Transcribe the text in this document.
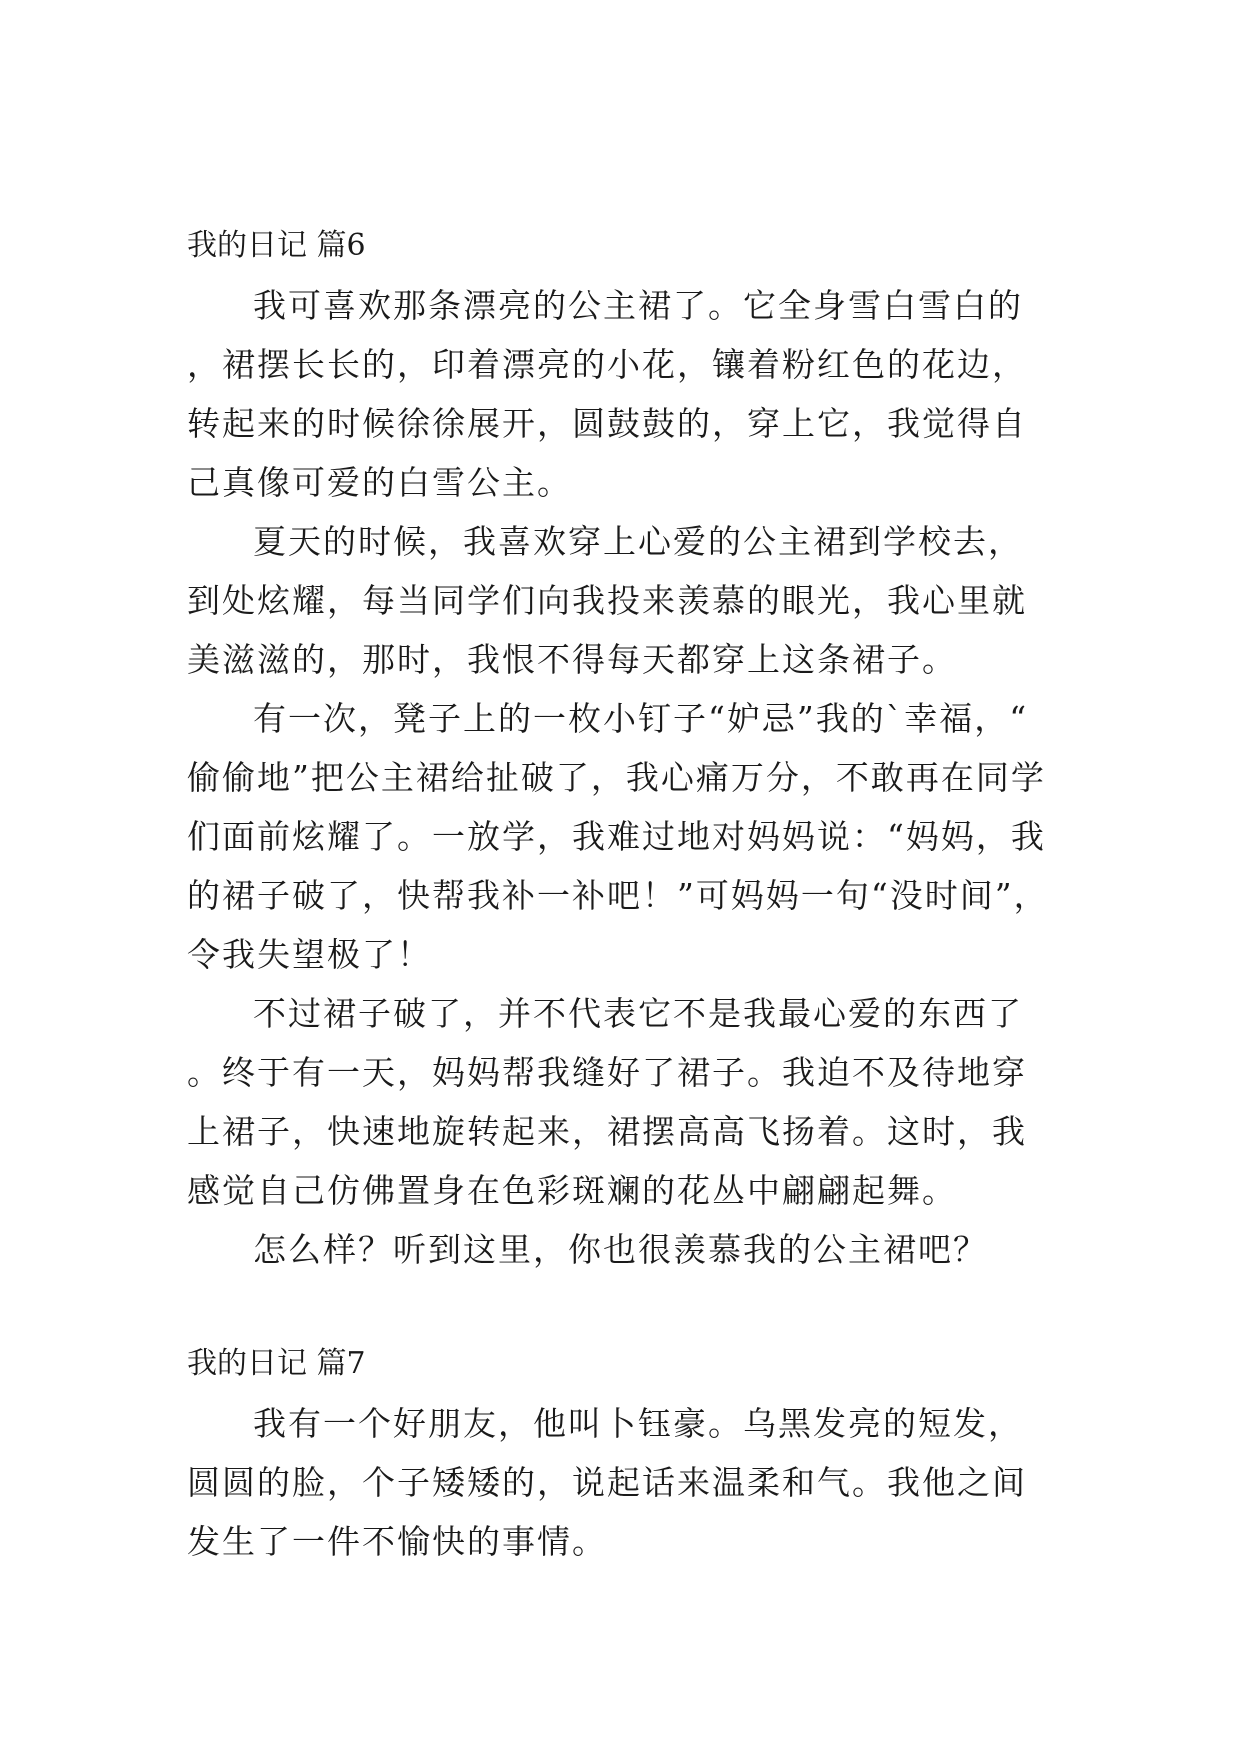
我的日记 篇6

我可喜欢那条漂亮的公主裙了。它全身雪白雪白的，裙摆长长的，印着漂亮的小花，镶着粉红色的花边，转起来的时候徐徐展开，圆鼓鼓的，穿上它，我觉得自己真像可爱的白雪公主。

夏天的时候，我喜欢穿上心爱的公主裙到学校去，到处炫耀，每当同学们向我投来羡慕的眼光，我心里就美滋滋的，那时，我恨不得每天都穿上这条裙子。

有一次，凳子上的一枚小钉子“妒忌”我的`幸福，“偷偷地”把公主裙给扯破了，我心痛万分，不敢再在同学们面前炫耀了。一放学，我难过地对妈妈说：“妈妈，我的裙子破了，快帮我补一补吧！”可妈妈一句“没时间”，令我失望极了！

不过裙子破了，并不代表它不是我最心爱的东西了。终于有一天，妈妈帮我缝好了裙子。我迫不及待地穿上裙子，快速地旋转起来，裙摆高高飞扬着。这时，我感觉自己仿佛置身在色彩斑斓的花丛中翩翩起舞。

怎么样？听到这里，你也很羡慕我的公主裙吧？

我的日记 篇7

我有一个好朋友，他叫卜钰豪。乌黑发亮的短发，圆圆的脸，个子矮矮的，说起话来温柔和气。我他之间发生了一件不愉快的事情。
